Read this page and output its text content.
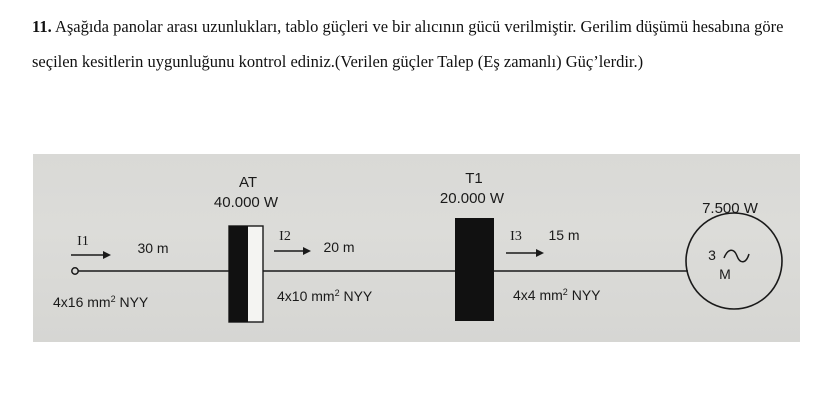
11. Aşağıda panolar arası uzunlukları, tablo güçleri ve bir alıcının gücü verilmiştir. Gerilim düşümü hesabına göre seçilen kesitlerin uygunluğunu kontrol ediniz.(Verilen güçler Talep (Eş zamanlı) Güç’lerdir.)
AT
40.000 W
T1
20.000 W
7.500 W
3
M
I1	30 m
4x16 $mm^2$ NYY
I2
20 m
4x10 $mm^2$ NYY
I3 15 m
4x4 $mm^2$ NYY
